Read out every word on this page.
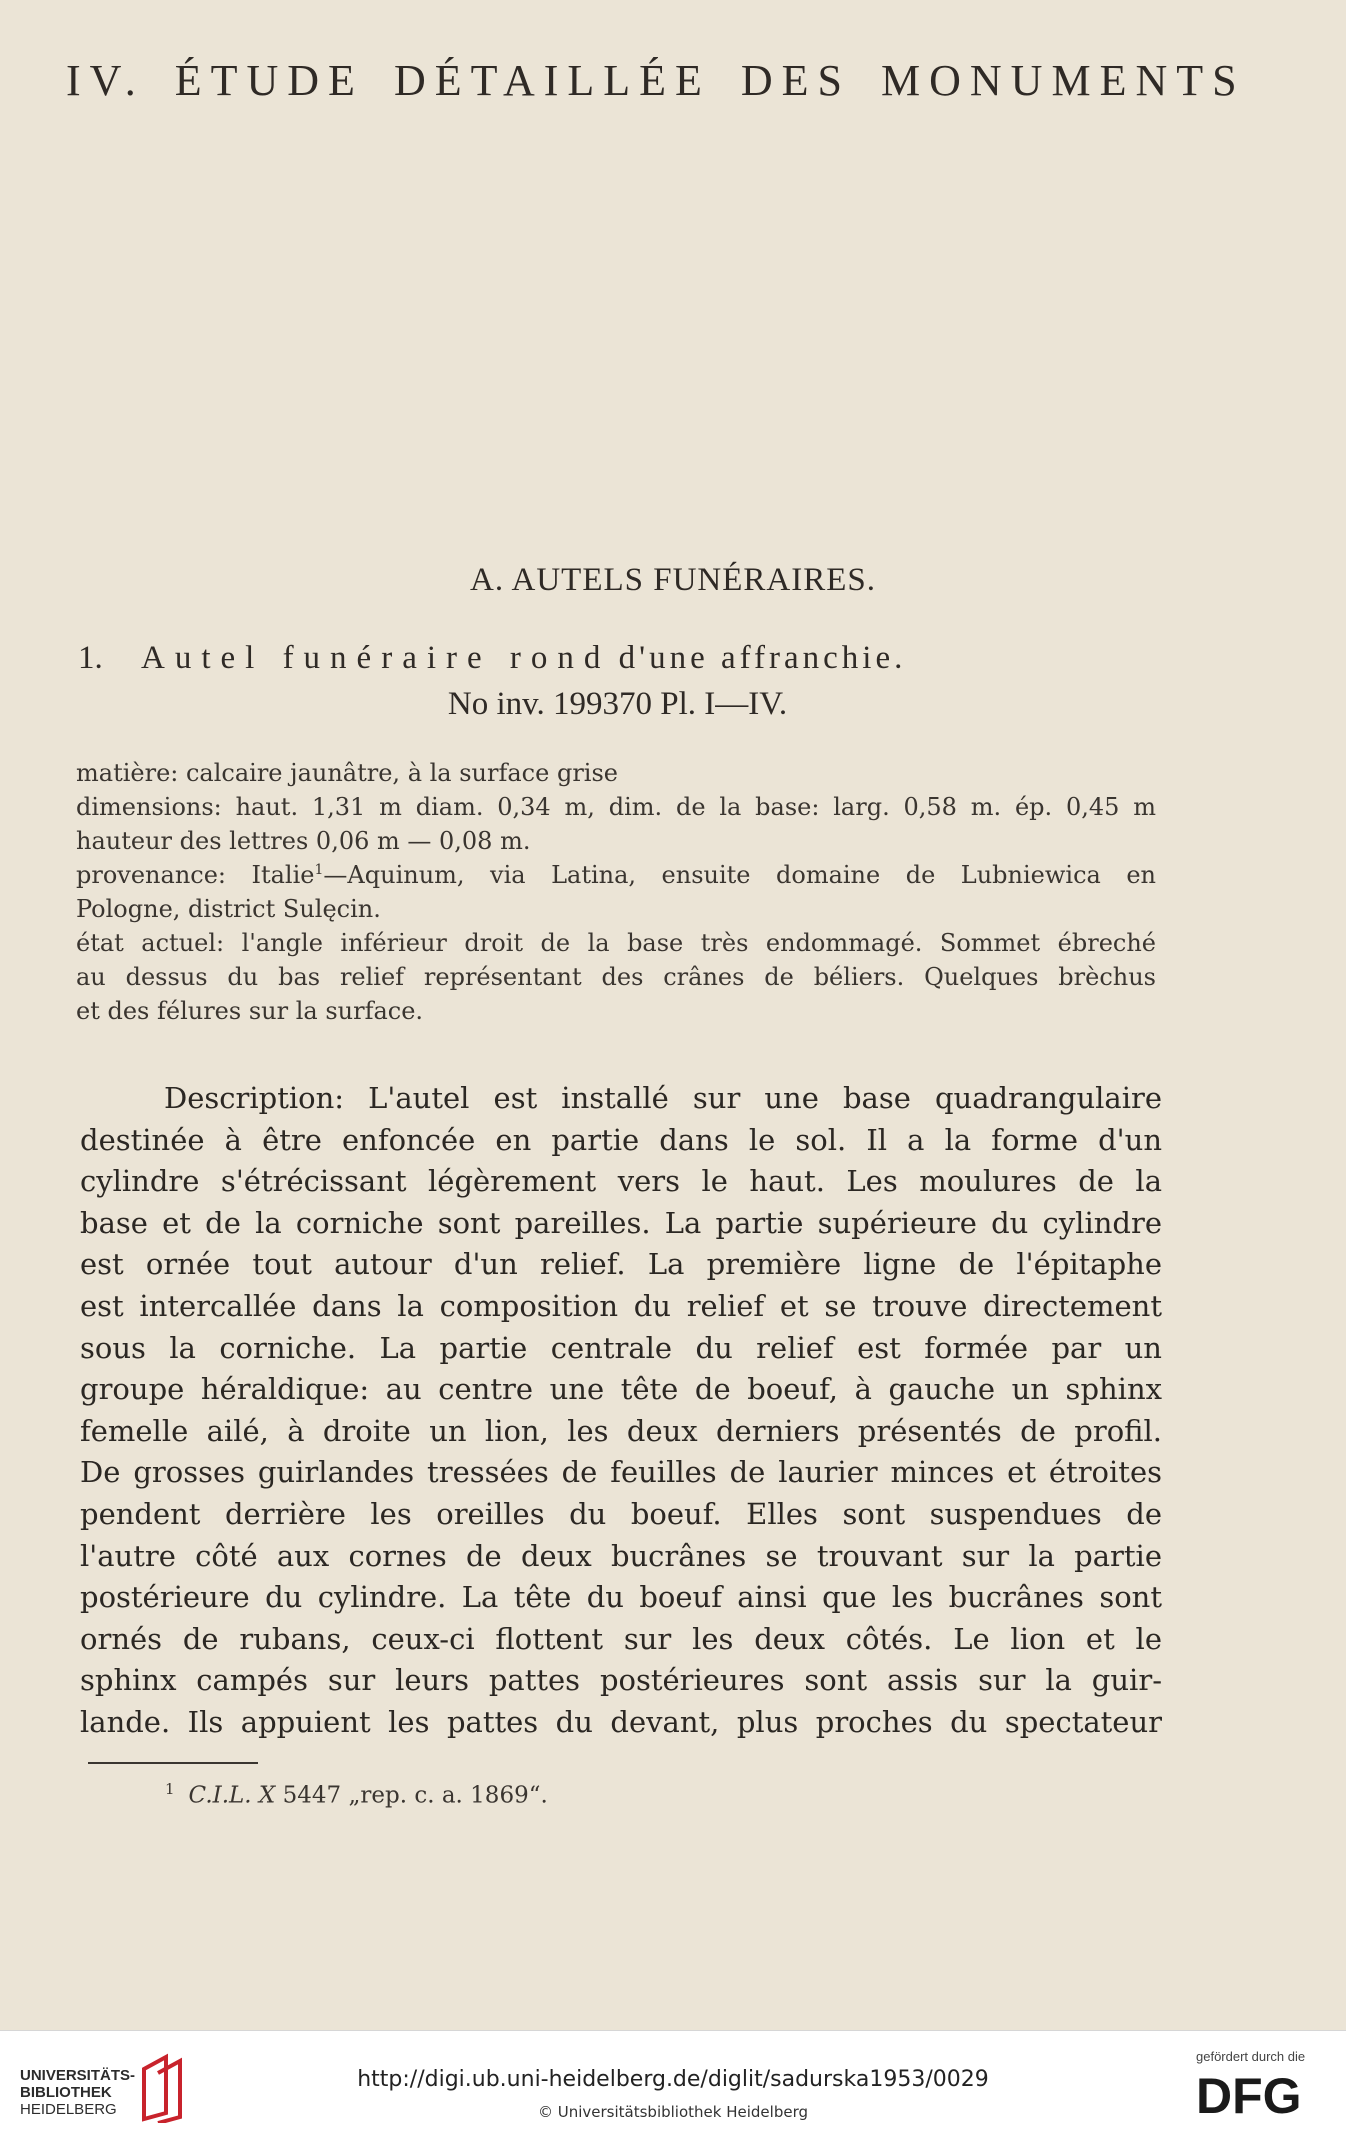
IV. ÉTUDE DÉTAILLÉE DES MONUMENTS
A. AUTELS FUNÉRAIRES.
1. Autel funéraire rond d'une affranchie.
No inv. 199370 Pl. I—IV.
matière: calcaire jaunâtre, à la surface grise
dimensions: haut. 1,31 m diam. 0,34 m, dim. de la base: larg. 0,58 m. ép. 0,45 m
hauteur des lettres 0,06 m — 0,08 m.
provenance: Italie$^1$—Aquinum, via Latina, ensuite domaine de Lubniewica en
Pologne, district Sulęcin.
état actuel: l'angle inférieur droit de la base très endommagé. Sommet ébreché
au dessus du bas relief représentant des crânes de béliers. Quelques brèchus
et des félures sur la surface.
Description: L'autel est installé sur une base quadrangulaire
destinée à être enfoncée en partie dans le sol. Il a la forme d'un
cylindre s'étrécissant légèrement vers le haut. Les moulures de la
base et de la corniche sont pareilles. La partie supérieure du cylindre
est ornée tout autour d'un relief. La première ligne de l'épitaphe
est intercallée dans la composition du relief et se trouve directement
sous la corniche. La partie centrale du relief est formée par un
groupe héraldique: au centre une tête de boeuf, à gauche un sphinx
femelle ailé, à droite un lion, les deux derniers présentés de profil.
De grosses guirlandes tressées de feuilles de laurier minces et étroites
pendent derrière les oreilles du boeuf. Elles sont suspendues de
l'autre côté aux cornes de deux bucrânes se trouvant sur la partie
postérieure du cylindre. La tête du boeuf ainsi que les bucrânes sont
ornés de rubans, ceux-ci flottent sur les deux côtés. Le lion et le
sphinx campés sur leurs pattes postérieures sont assis sur la guir-
lande. Ils appuient les pattes du devant, plus proches du spectateur
$^1$ C.I.L. X 5447 „rep. c. a. 1869“.
UNIVERSITÄTS-
BIBLIOTHEK
HEIDELBERG
http://digi.ub.uni-heidelberg.de/diglit/sadurska1953/0029
© Universitätsbibliothek Heidelberg
gefördert durch die
DFG
